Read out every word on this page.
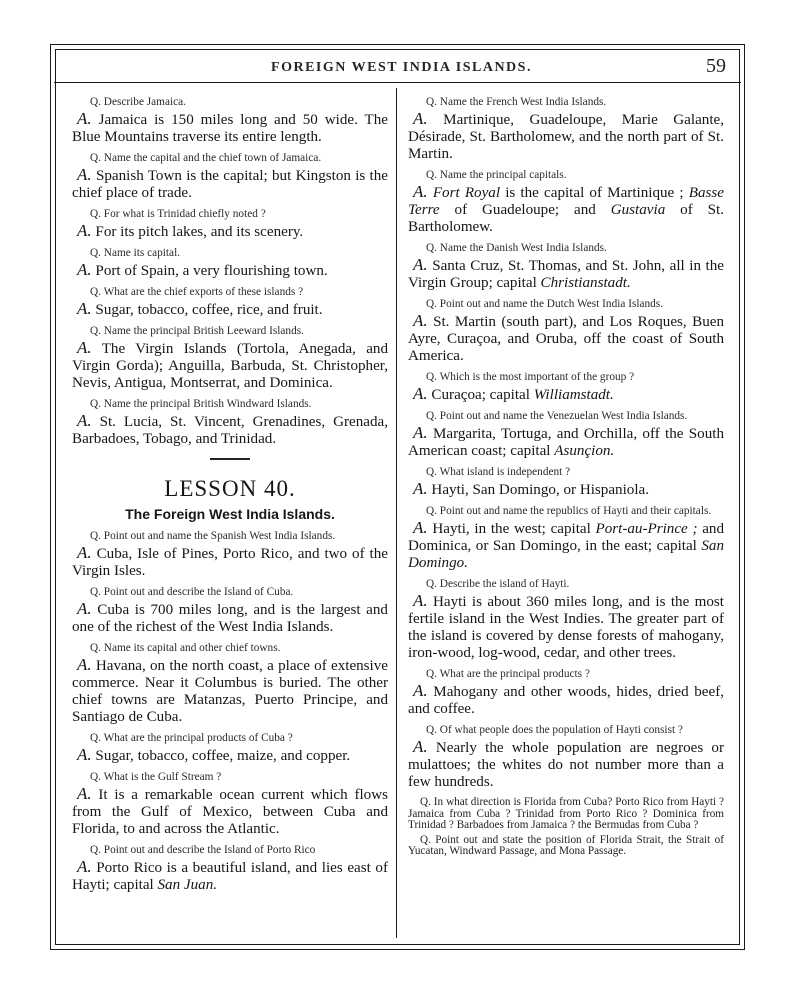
FOREIGN WEST INDIA ISLANDS.	59
Q. Describe Jamaica.
A. Jamaica is 150 miles long and 50 wide. The Blue Mountains traverse its entire length.
Q. Name the capital and the chief town of Jamaica.
A. Spanish Town is the capital; but Kingston is the chief place of trade.
Q. For what is Trinidad chiefly noted ?
A. For its pitch lakes, and its scenery.
Q. Name its capital.
A. Port of Spain, a very flourishing town.
Q. What are the chief exports of these islands ?
A. Sugar, tobacco, coffee, rice, and fruit.
Q. Name the principal British Leeward Islands.
A. The Virgin Islands (Tortola, Anegada, and Virgin Gorda); Anguilla, Barbuda, St. Christopher, Nevis, Antigua, Montserrat, and Dominica.
Q. Name the principal British Windward Islands.
A. St. Lucia, St. Vincent, Grenadines, Grenada, Barbadoes, Tobago, and Trinidad.
LESSON 40.
The Foreign West India Islands.
Q. Point out and name the Spanish West India Islands.
A. Cuba, Isle of Pines, Porto Rico, and two of the Virgin Isles.
Q. Point out and describe the Island of Cuba.
A. Cuba is 700 miles long, and is the largest and one of the richest of the West India Islands.
Q. Name its capital and other chief towns.
A. Havana, on the north coast, a place of extensive commerce. Near it Columbus is buried. The other chief towns are Matanzas, Puerto Principe, and Santiago de Cuba.
Q. What are the principal products of Cuba ?
A. Sugar, tobacco, coffee, maize, and copper.
Q. What is the Gulf Stream ?
A. It is a remarkable ocean current which flows from the Gulf of Mexico, between Cuba and Florida, to and across the Atlantic.
Q. Point out and describe the Island of Porto Rico
A. Porto Rico is a beautiful island, and lies east of Hayti; capital San Juan.
Q. Name the French West India Islands.
A. Martinique, Guadeloupe, Marie Galante, Désirade, St. Bartholomew, and the north part of St. Martin.
Q. Name the principal capitals.
A. Fort Royal is the capital of Martinique ; Basse Terre of Guadeloupe; and Gustavia of St. Bartholomew.
Q. Name the Danish West India Islands.
A. Santa Cruz, St. Thomas, and St. John, all in the Virgin Group; capital Christianstadt.
Q. Point out and name the Dutch West India Islands.
A. St. Martin (south part), and Los Roques, Buen Ayre, Curaçoa, and Oruba, off the coast of South America.
Q. Which is the most important of the group ?
A. Curaçoa; capital Williamstadt.
Q. Point out and name the Venezuelan West India Islands.
A. Margarita, Tortuga, and Orchilla, off the South American coast; capital Asunçion.
Q. What island is independent ?
A. Hayti, San Domingo, or Hispaniola.
Q. Point out and name the republics of Hayti and their capitals.
A. Hayti, in the west; capital Port-au-Prince ; and Dominica, or San Domingo, in the east; capital San Domingo.
Q. Describe the island of Hayti.
A. Hayti is about 360 miles long, and is the most fertile island in the West Indies. The greater part of the island is covered by dense forests of mahogany, iron-wood, log-wood, cedar, and other trees.
Q. What are the principal products ?
A. Mahogany and other woods, hides, dried beef, and coffee.
Q. Of what people does the population of Hayti consist ?
A. Nearly the whole population are negroes or mulattoes; the whites do not number more than a few hundreds.
Q. In what direction is Florida from Cuba? Porto Rico from Hayti ? Jamaica from Cuba ? Trinidad from Porto Rico ? Dominica from Trinidad ? Barbadoes from Jamaica ? the Bermudas from Cuba ?
Q. Point out and state the position of Florida Strait, the Strait of Yucatan, Windward Passage, and Mona Passage.
